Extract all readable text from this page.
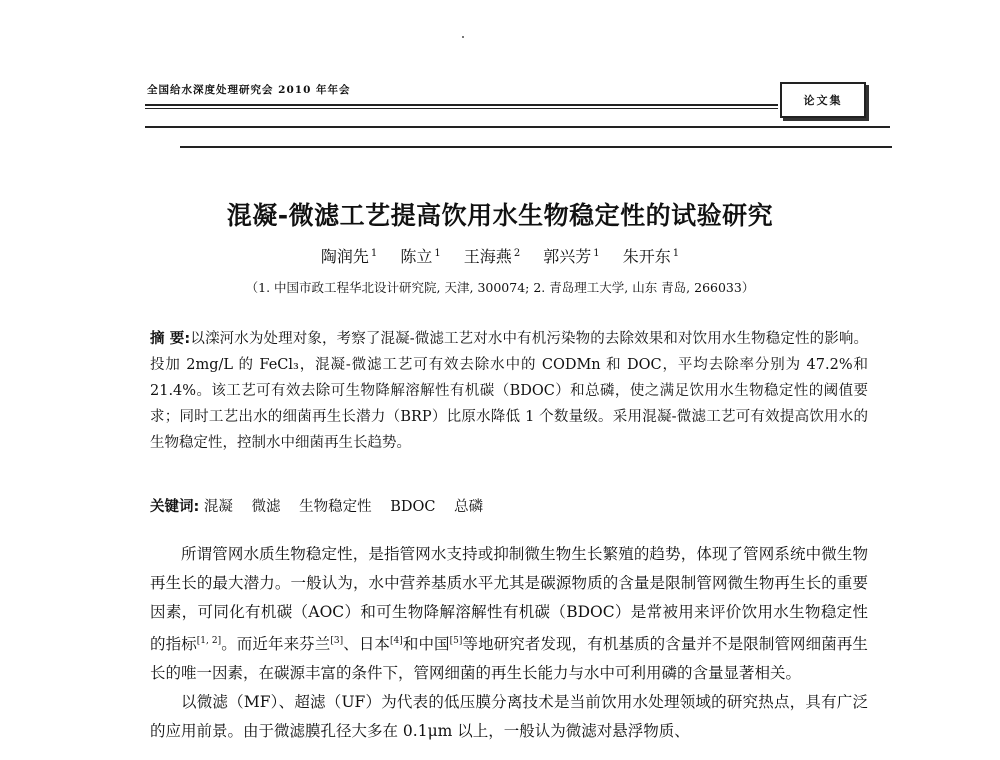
全国给水深度处理研究会 2010 年年会
论文集
混凝-微滤工艺提高饮用水生物稳定性的试验研究
陶润先 $^1$ 陈立 $^1$ 王海燕 $^2$ 郭兴芳 $^1$ 朱开东 $^1$
（1. 中国市政工程华北设计研究院, 天津, 300074; 2. 青岛理工大学, 山东 青岛, 266033）
摘 要:以滦河水为处理对象，考察了混凝-微滤工艺对水中有机污染物的去除效果和对饮用水生物稳定性的影响。投加 2mg/L 的 FeCl₃，混凝-微滤工艺可有效去除水中的 CODMn 和 DOC，平均去除率分别为 47.2%和 21.4%。该工艺可有效去除可生物降解溶解性有机碳（BDOC）和总磷，使之满足饮用水生物稳定性的阈值要求；同时工艺出水的细菌再生长潜力（BRP）比原水降低 1 个数量级。采用混凝-微滤工艺可有效提高饮用水的生物稳定性，控制水中细菌再生长趋势。
关键词: 混凝 微滤 生物稳定性 BDOC 总磷

所谓管网水质生物稳定性，是指管网水支持或抑制微生物生长繁殖的趋势，体现了管网系统中微生物再生长的最大潜力。一般认为，水中营养基质水平尤其是碳源物质的含量是限制管网微生物再生长的重要因素，可同化有机碳（AOC）和可生物降解溶解性有机碳（BDOC）是常被用来评价饮用水生物稳定性的指标[1, 2]。而近年来芬兰[3]、日本[4]和中国[5]等地研究者发现，有机基质的含量并不是限制管网细菌再生长的唯一因素，在碳源丰富的条件下，管网细菌的再生长能力与水中可利用磷的含量显著相关。

以微滤（MF）、超滤（UF）为代表的低压膜分离技术是当前饮用水处理领域的研究热点，具有广泛的应用前景。由于微滤膜孔径大多在 0.1μm 以上，一般认为微滤对悬浮物质、
